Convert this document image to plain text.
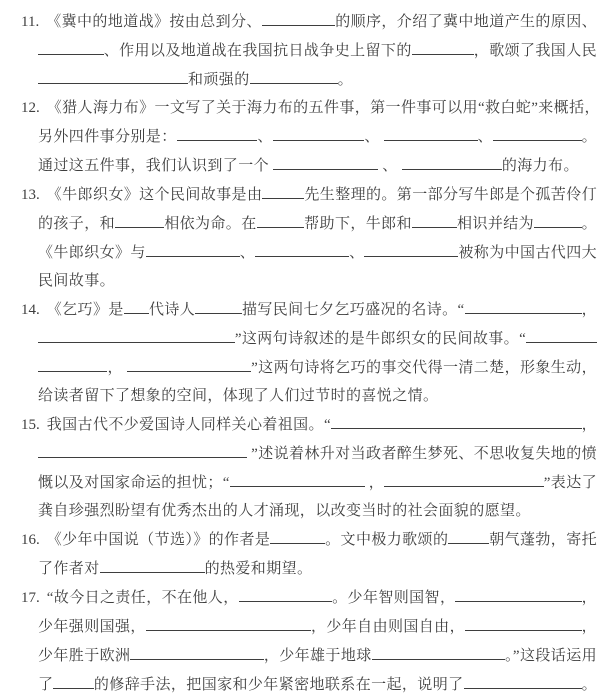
11. 《冀中的地道战》按由总到分、	的顺序，介绍了冀中地道产生的原因、
、作用以及地道战在我国抗日战争史上留下的	，歌颂了我国人民
和顽强的	。
12. 《猎人海力布》一文写了关于海力布的五件事，第一件事可以用“救白蛇”来概括，
另外四件事分别是：	、	、	、	。
通过这五件事，我们认识到了一个	、	的海力布。
13. 《牛郎织女》这个民间故事是由	先生整理的。第一部分写牛郎是个孤苦伶仃
的孩子，和	相依为命。在	帮助下，牛郎和	相识并结为	。
《牛郎织女》与	、	、	被称为中国古代四大
民间故事。
14. 《乞巧》是 代诗人	描写民间七夕乞巧盛况的名诗。“	，
”这两句诗叙述的是牛郎织女的民间故事。“
，	”这两句诗将乞巧的事交代得一清二楚，形象生动，
给读者留下了想象的空间，体现了人们过节时的喜悦之情。
15. 我国古代不少爱国诗人同样关心着祖国。“	，
”述说着林升对当政者醉生梦死、不思收复失地的愤
慨以及对国家命运的担忧；“	，	”表达了
龚自珍强烈盼望有优秀杰出的人才涌现，以改变当时的社会面貌的愿望。
16. 《少年中国说（节选）》的作者是	。文中极力歌颂的	朝气蓬勃，寄托
了作者对	的热爱和期望。
17. “故今日之责任，不在他人，	。少年智则国智，	，
少年强则国强，	，少年自由则国自由，	，
少年胜于欧洲	，少年雄于地球	。”这段话运用
了	的修辞手法，把国家和少年紧密地联系在一起，说明了	。
